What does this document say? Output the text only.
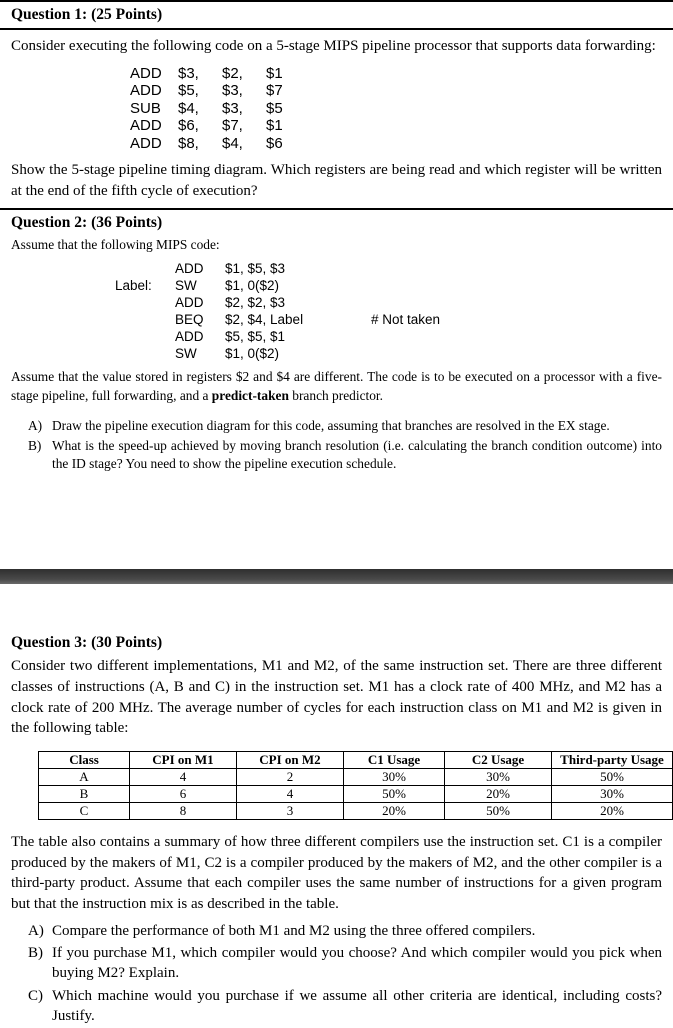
Question 1: (25 Points)

Consider executing the following code on a 5-stage MIPS pipeline processor that supports data forwarding:

ADD	$3,	$2,	$1
ADD	$5,	$3,	$7
SUB	$4,	$3,	$5
ADD	$6,	$7,	$1
ADD	$8,	$4,	$6

Show the 5-stage pipeline timing diagram. Which registers are being read and which register will be written at the end of the fifth cycle of execution?

Question 2: (36 Points)

Assume that the following MIPS code:

ADD	$1, $5, $3
Label:	SW	$1, 0($2)
ADD	$2, $2, $3
BEQ	$2, $4, Label	# Not taken
ADD	$5, $5, $1
SW	$1, 0($2)

Assume that the value stored in registers $2 and $4 are different. The code is to be executed on a processor with a five-stage pipeline, full forwarding, and a predict-taken branch predictor.

A) Draw the pipeline execution diagram for this code, assuming that branches are resolved in the EX stage.
B) What is the speed-up achieved by moving branch resolution (i.e. calculating the branch condition outcome) into the ID stage? You need to show the pipeline execution schedule.
Question 3: (30 Points)

Consider two different implementations, M1 and M2, of the same instruction set. There are three different classes of instructions (A, B and C) in the instruction set. M1 has a clock rate of 400 MHz, and M2 has a clock rate of 200 MHz. The average number of cycles for each instruction class on M1 and M2 is given in the following table:

Class	CPI on M1	CPI on M2	C1 Usage	C2 Usage	Third-party Usage
A	4	2	30%	30%	50%
B	6	4	50%	20%	30%
C	8	3	20%	50%	20%

The table also contains a summary of how three different compilers use the instruction set. C1 is a compiler produced by the makers of M1, C2 is a compiler produced by the makers of M2, and the other compiler is a third-party product. Assume that each compiler uses the same number of instructions for a given program but that the instruction mix is as described in the table.

A) Compare the performance of both M1 and M2 using the three offered compilers.
B) If you purchase M1, which compiler would you choose? And which compiler would you pick when buying M2? Explain.
C) Which machine would you purchase if we assume all other criteria are identical, including costs? Justify.
